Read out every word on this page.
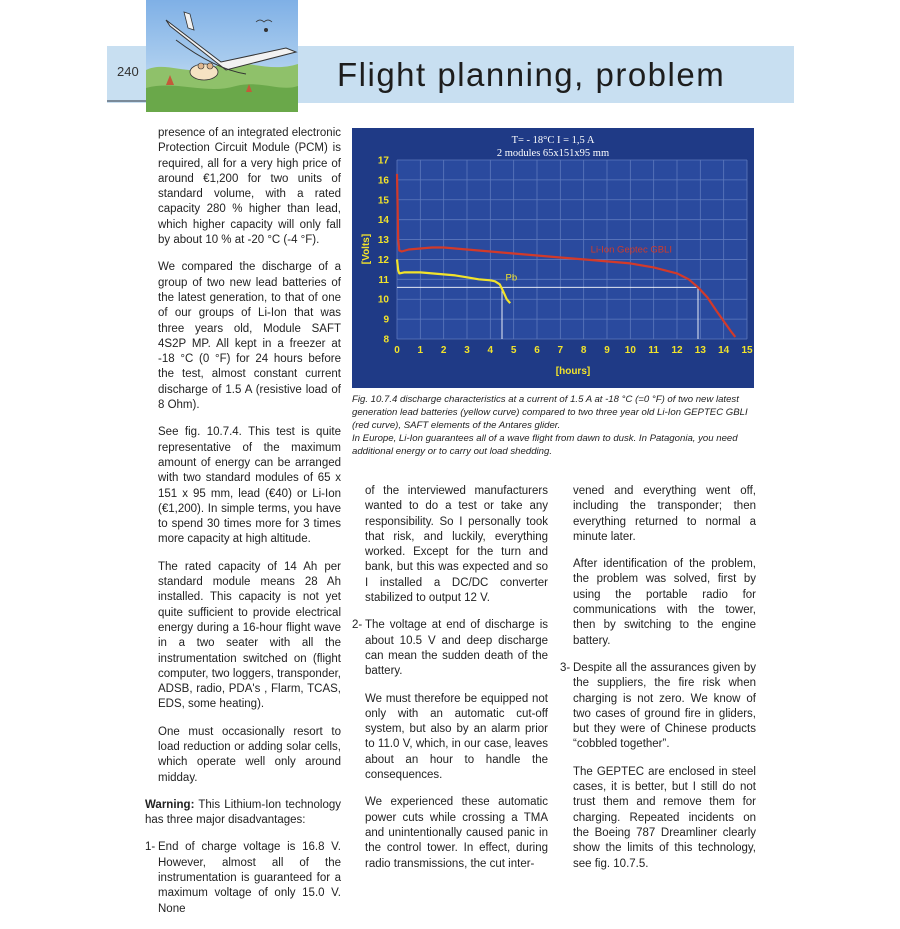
240	Flight planning, problem

presence of an integrated electronic Protection Circuit Module (PCM) is required, all for a very high price of around €1,200 for two units of standard volume, with a rated capacity 280 % higher than lead, which higher capacity will only fall by about 10 % at -20 °C (-4 °F).

We compared the discharge of a group of two new lead batteries of the latest generation, to that of one of our groups of Li-Ion that was three years old, Module SAFT 4S2P MP. All kept in a freezer at -18 °C (0 °F) for 24 hours before the test, almost constant current discharge of 1.5 A (resistive load of 8 Ohm).

See fig. 10.7.4. This test is quite representative of the maximum amount of energy can be arranged with two standard modules of 65 x 151 x 95 mm, lead (€40) or Li-Ion (€1,200). In simple terms, you have to spend 30 times more for 3 times more capacity at high altitude.

The rated capacity of 14 Ah per standard module means 28 Ah installed. This capacity is not yet quite sufficient to provide electrical energy during a 16-hour flight wave in a two seater with all the instrumentation switched on (flight computer, two loggers, transponder, ADSB, radio, PDA's , Flarm, TCAS, EDS, some heating).

One must occasionally resort to load reduction or adding solar cells, which operate well only around midday.

Warning: This Lithium-Ion technology has three major disadvantages:

1- End of charge voltage is 16.8 V. However, almost all of the instrumentation is guaranteed for a maximum voltage of only 15.0 V. None
T= - 18°C I = 1,5 A
2 modules 65x151x95 mm
0 1 2 3 4 5 6 7 8 9 10 11 12 13 14 15
8
9
10
11
12
13
14
15
16
17
Li-Ion Geptec GBLI
Pb
[Volts]
[hours]
Fig. 10.7.4 discharge characteristics at a current of 1.5 A at -18 °C (=0 °F) of two new latest generation lead batteries (yellow curve) compared to two three year old Li-Ion GEPTEC GBLI (red curve), SAFT elements of the Antares glider.
In Europe, Li-Ion guarantees all of a wave flight from dawn to dusk. In Patagonia, you need additional energy or to carry out load shedding.

of the interviewed manufacturers wanted to do a test or take any responsibility. So I personally took that risk, and luckily, everything worked. Except for the turn and bank, but this was expected and so I installed a DC/DC converter stabilized to output 12 V.

2- The voltage at end of discharge is about 10.5 V and deep discharge can mean the sudden death of the battery.

We must therefore be equipped not only with an automatic cut-off system, but also by an alarm prior to 11.0 V, which, in our case, leaves about an hour to handle the consequences.

We experienced these automatic power cuts while crossing a TMA and unintentionally caused panic in the control tower. In effect, during radio transmissions, the cut inter-

vened and everything went off, including the transponder; then everything returned to normal a minute later.

After identification of the problem, the problem was solved, first by using the portable radio for communications with the tower, then by switching to the engine battery.

3- Despite all the assurances given by the suppliers, the fire risk when charging is not zero. We know of two cases of ground fire in gliders, but they were of Chinese products “cobbled together”.

The GEPTEC are enclosed in steel cases, it is better, but I still do not trust them and remove them for charging. Repeated incidents on the Boeing 787 Dreamliner clearly show the limits of this technology, see fig. 10.7.5.
